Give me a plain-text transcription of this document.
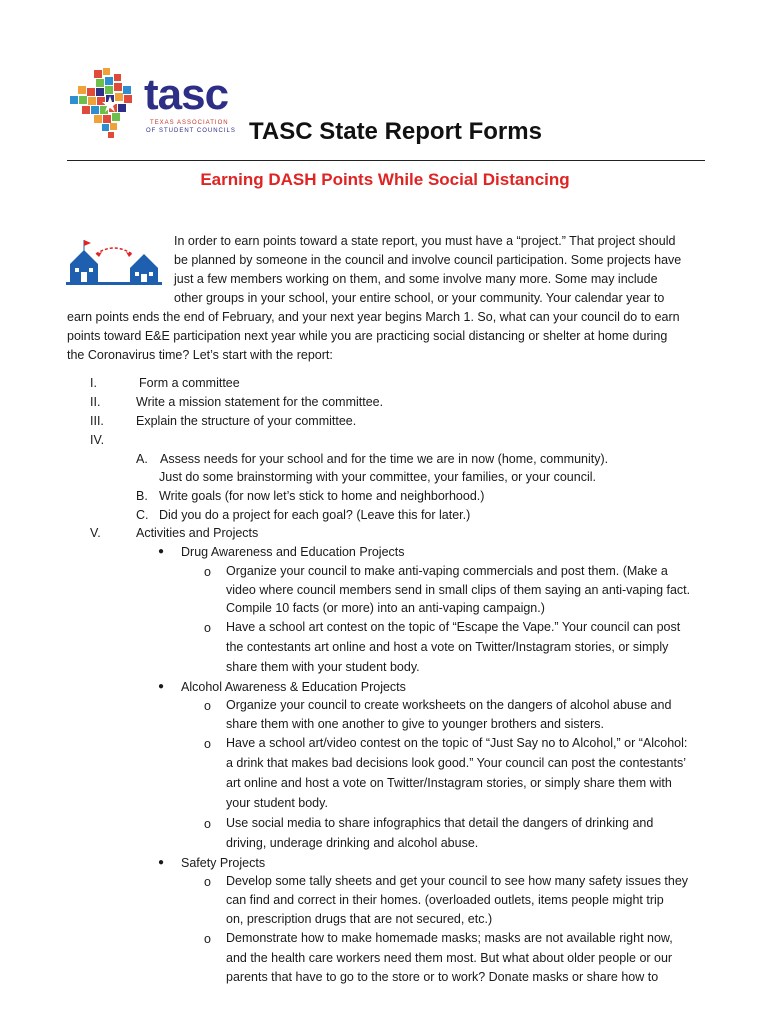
tasc
TEXAS ASSOCIATION
OF STUDENT COUNCILS TASC State Report Forms
Earning DASH Points While Social Distancing
In order to earn points toward a state report, you must have a “project.” That project should
be planned by someone in the council and involve council participation. Some projects have
just a few members working on them, and some involve many more. Some may include
other groups in your school, your entire school, or your community. Your calendar year to
earn points ends the end of February, and your next year begins March 1. So, what can your council do to earn
points toward E&E participation next year while you are practicing social distancing or shelter at home during
the Coronavirus time? Let’s start with the report:
I.	Form a committee
II.	Write a mission statement for the committee.
III.	Explain the structure of your committee.
IV.
A. Assess needs for your school and for the time we are in now (home, community).
Just do some brainstorming with your committee, your families, or your council.
B. Write goals (for now let’s stick to home and neighborhood.)
C. Did you do a project for each goal? (Leave this for later.)
V.	Activities and Projects
● Drug Awareness and Education Projects
o Organize your council to make anti-vaping commercials and post them. (Make a
video where council members send in small clips of them saying an anti-vaping fact.
Compile 10 facts (or more) into an anti-vaping campaign.)
o Have a school art contest on the topic of “Escape the Vape.” Your council can post
the contestants art online and host a vote on Twitter/Instagram stories, or simply
share them with your student body.
● Alcohol Awareness & Education Projects
o Organize your council to create worksheets on the dangers of alcohol abuse and
share them with one another to give to younger brothers and sisters.
o Have a school art/video contest on the topic of “Just Say no to Alcohol,” or “Alcohol:
a drink that makes bad decisions look good.” Your council can post the contestants’
art online and host a vote on Twitter/Instagram stories, or simply share them with
your student body.
o Use social media to share infographics that detail the dangers of drinking and
driving, underage drinking and alcohol abuse.
● Safety Projects
o Develop some tally sheets and get your council to see how many safety issues they
can find and correct in their homes. (overloaded outlets, items people might trip
on, prescription drugs that are not secured, etc.)
o Demonstrate how to make homemade masks; masks are not available right now,
and the health care workers need them most. But what about older people or our
parents that have to go to the store or to work? Donate masks or share how to
